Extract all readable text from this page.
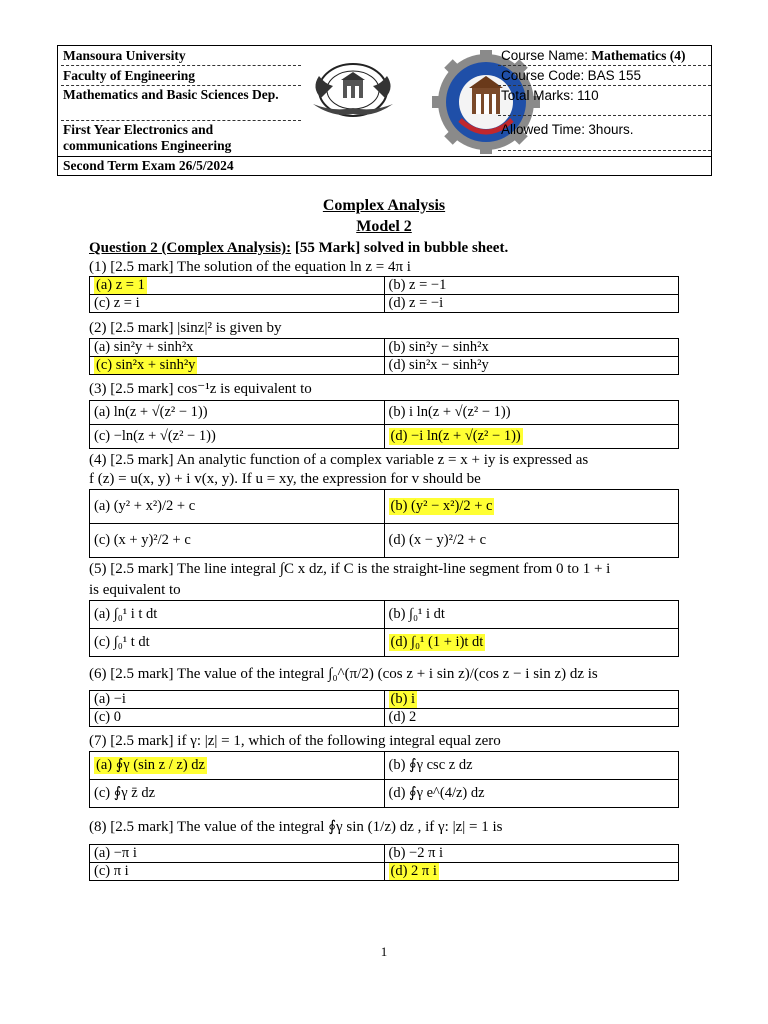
Mansoura University
Faculty of Engineering
Mathematics and Basic Sciences Dep.
First Year Electronics and communications Engineering
Second Term Exam 26/5/2024
Course Name: Mathematics (4)
Course Code: BAS 155
Total Marks: 110
Allowed Time: 3hours.
Complex Analysis
Model 2
Question 2 (Complex Analysis): [55 Mark] solved in bubble sheet.
(1) [2.5 mark] The solution of the equation ln z = 4π i
(a) z = 1	(b) z = −1
(c) z = i	(d) z = −i
(2) [2.5 mark] |sinz|² is given by
(a) sin²y + sinh²x	(b) sin²y − sinh²x
(c) sin²x + sinh²y	(d) sin²x − sinh²y
(3) [2.5 mark] cos⁻¹z is equivalent to
(a) ln(z + √(z² − 1))	(b) i ln(z + √(z² − 1))
(c) −ln(z + √(z² − 1))	(d) −i ln(z + √(z² − 1))
(4) [2.5 mark] An analytic function of a complex variable z = x + iy is expressed as
f (z) = u(x, y) + i v(x, y). If u = xy, the expression for v should be
(a) (y² + x²)/2 + c	(b) (y² − x²)/2 + c
(c) (x + y)²/2 + c	(d) (x − y)²/2 + c
(5) [2.5 mark] The line integral ∫C x dz, if C is the straight-line segment from 0 to 1 + i
is equivalent to
(a) ∫₀¹ i t dt	(b) ∫₀¹ i dt
(c) ∫₀¹ t dt	(d) ∫₀¹ (1 + i)t dt
(6) [2.5 mark] The value of the integral ∫₀^(π/2) (cos z + i sin z)/(cos z − i sin z) dz is
(a) −i	(b) i
(c) 0	(d) 2
(7) [2.5 mark] if γ: |z| = 1, which of the following integral equal zero
(a) ∮γ (sin z / z) dz	(b) ∮γ csc z dz
(c) ∮γ z̄ dz	(d) ∮γ e^(4/z) dz
(8) [2.5 mark] The value of the integral ∮γ sin (1/z) dz , if γ: |z| = 1 is
(a) −π i	(b) −2 π i
(c) π i	(d) 2 π i
1
